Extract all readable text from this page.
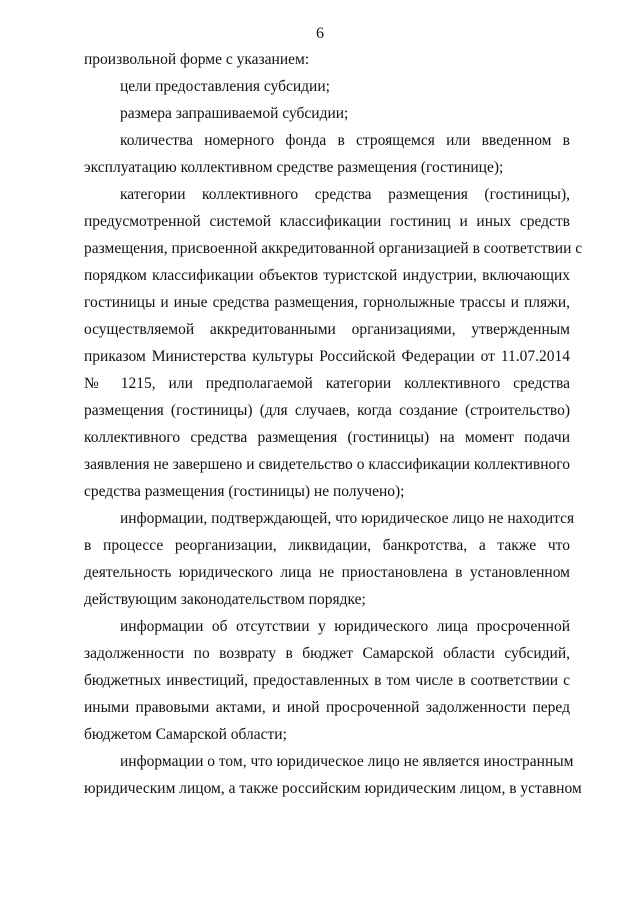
6
произвольной форме с указанием:
цели предоставления субсидии;
размера запрашиваемой субсидии;
количества номерного фонда в строящемся или введенном в
эксплуатацию коллективном средстве размещения (гостинице);
категории коллективного средства размещения (гостиницы),
предусмотренной системой классификации гостиниц и иных средств
размещения, присвоенной аккредитованной организацией в соответствии с
порядком классификации объектов туристской индустрии, включающих
гостиницы и иные средства размещения, горнолыжные трассы и пляжи,
осуществляемой аккредитованными организациями, утвержденным
приказом Министерства культуры Российской Федерации от 11.07.2014
№ 1215, или предполагаемой категории коллективного средства
размещения (гостиницы) (для случаев, когда создание (строительство)
коллективного средства размещения (гостиницы) на момент подачи
заявления не завершено и свидетельство о классификации коллективного
средства размещения (гостиницы) не получено);
информации, подтверждающей, что юридическое лицо не находится
в процессе реорганизации, ликвидации, банкротства, а также что
деятельность юридического лица не приостановлена в установленном
действующим законодательством порядке;
информации об отсутствии у юридического лица просроченной
задолженности по возврату в бюджет Самарской области субсидий,
бюджетных инвестиций, предоставленных в том числе в соответствии с
иными правовыми актами, и иной просроченной задолженности перед
бюджетом Самарской области;
информации о том, что юридическое лицо не является иностранным
юридическим лицом, а также российским юридическим лицом, в уставном
